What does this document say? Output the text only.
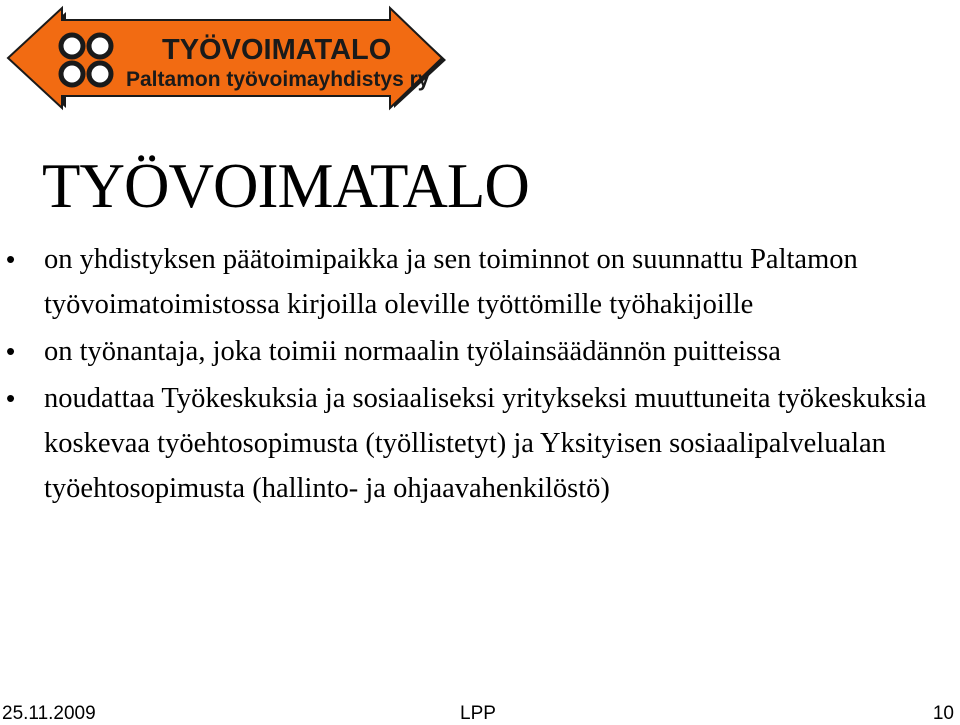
TYÖVOIMATALO
Paltamon työvoimayhdistys ry
TYÖVOIMATALO
• on yhdistyksen päätoimipaikka ja sen toiminnot on suunnattu Paltamon työvoimatoimistossa kirjoilla oleville työttömille työhakijoille
• on työnantaja, joka toimii normaalin työlainsäädännön puitteissa
• noudattaa Työkeskuksia ja sosiaaliseksi yritykseksi muuttuneita työkeskuksia koskevaa työehtosopimusta (työllistetyt) ja Yksityisen sosiaalipalvelualan työehtosopimusta (hallinto- ja ohjaavahenkilöstö)
25.11.2009	LPP	10
